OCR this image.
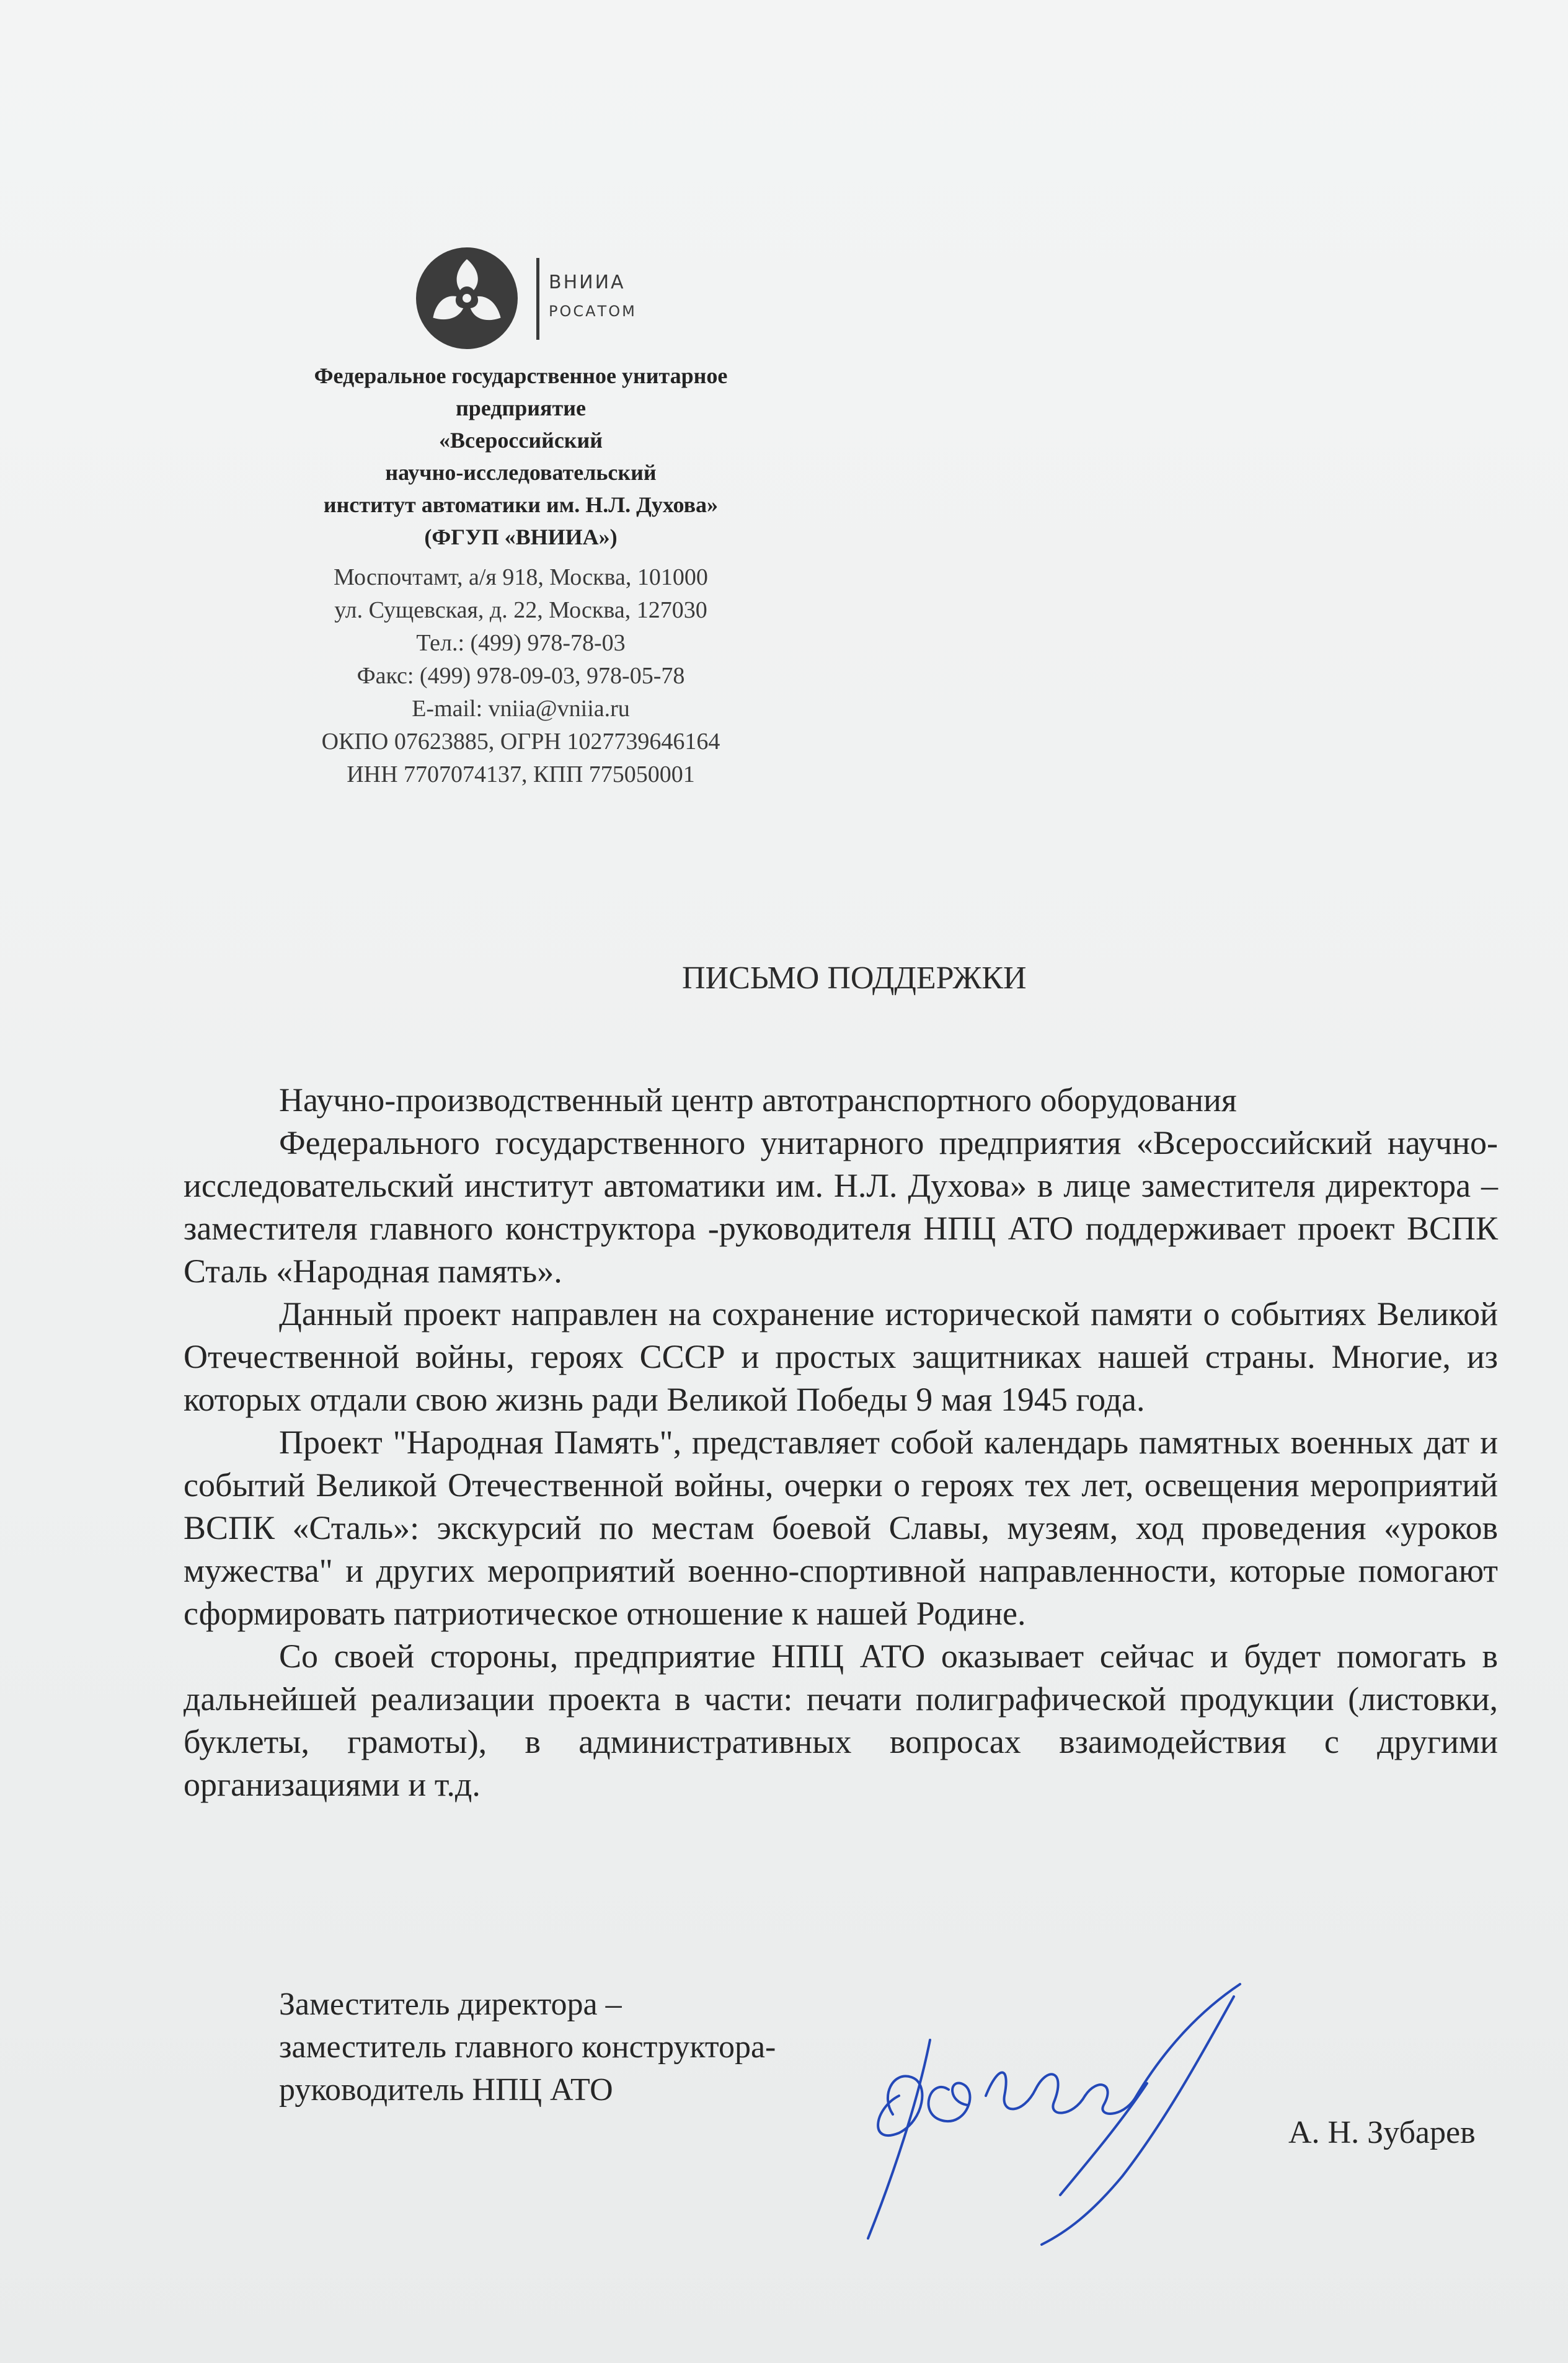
ВНИИА
РОСАТОМ
Федеральное государственное унитарное
предприятие
«Всероссийский
научно-исследовательский
институт автоматики им. Н.Л. Духова»
(ФГУП «ВНИИА»)
Моспочтамт, а/я 918, Москва, 101000
ул. Сущевская, д. 22, Москва, 127030
Тел.: (499) 978-78-03
Факс: (499) 978-09-03, 978-05-78
E-mail: vniia@vniia.ru
ОКПО 07623885, ОГРН 1027739646164
ИНН 7707074137, КПП 775050001
ПИСЬМО ПОДДЕРЖКИ

Научно-производственный центр автотранспортного оборудования

Федерального государственного унитарного предприятия «Всероссийский научно-исследовательский институт автоматики им. Н.Л. Духова» в лице заместителя директора – заместителя главного конструктора -руководителя НПЦ АТО поддерживает проект ВСПК Сталь «Народная память».

Данный проект направлен на сохранение исторической памяти о событиях Великой Отечественной войны, героях СССР и простых защитниках нашей страны. Многие, из которых отдали свою жизнь ради Великой Победы 9 мая 1945 года.

Проект "Народная Память", представляет собой календарь памятных военных дат и событий Великой Отечественной войны, очерки о героях тех лет, освещения мероприятий ВСПК «Сталь»: экскурсий по местам боевой Славы, музеям, ход проведения «уроков мужества" и других мероприятий военно-спортивной направленности, которые помогают сформировать патриотическое отношение к нашей Родине.

Со своей стороны, предприятие НПЦ АТО оказывает сейчас и будет помогать в дальнейшей реализации проекта в части: печати полиграфической продукции (листовки, буклеты, грамоты), в административных вопросах взаимодействия с другими организациями и т.д.

Заместитель директора –
заместитель главного конструктора-
руководитель НПЦ АТО
А. Н. Зубарев
